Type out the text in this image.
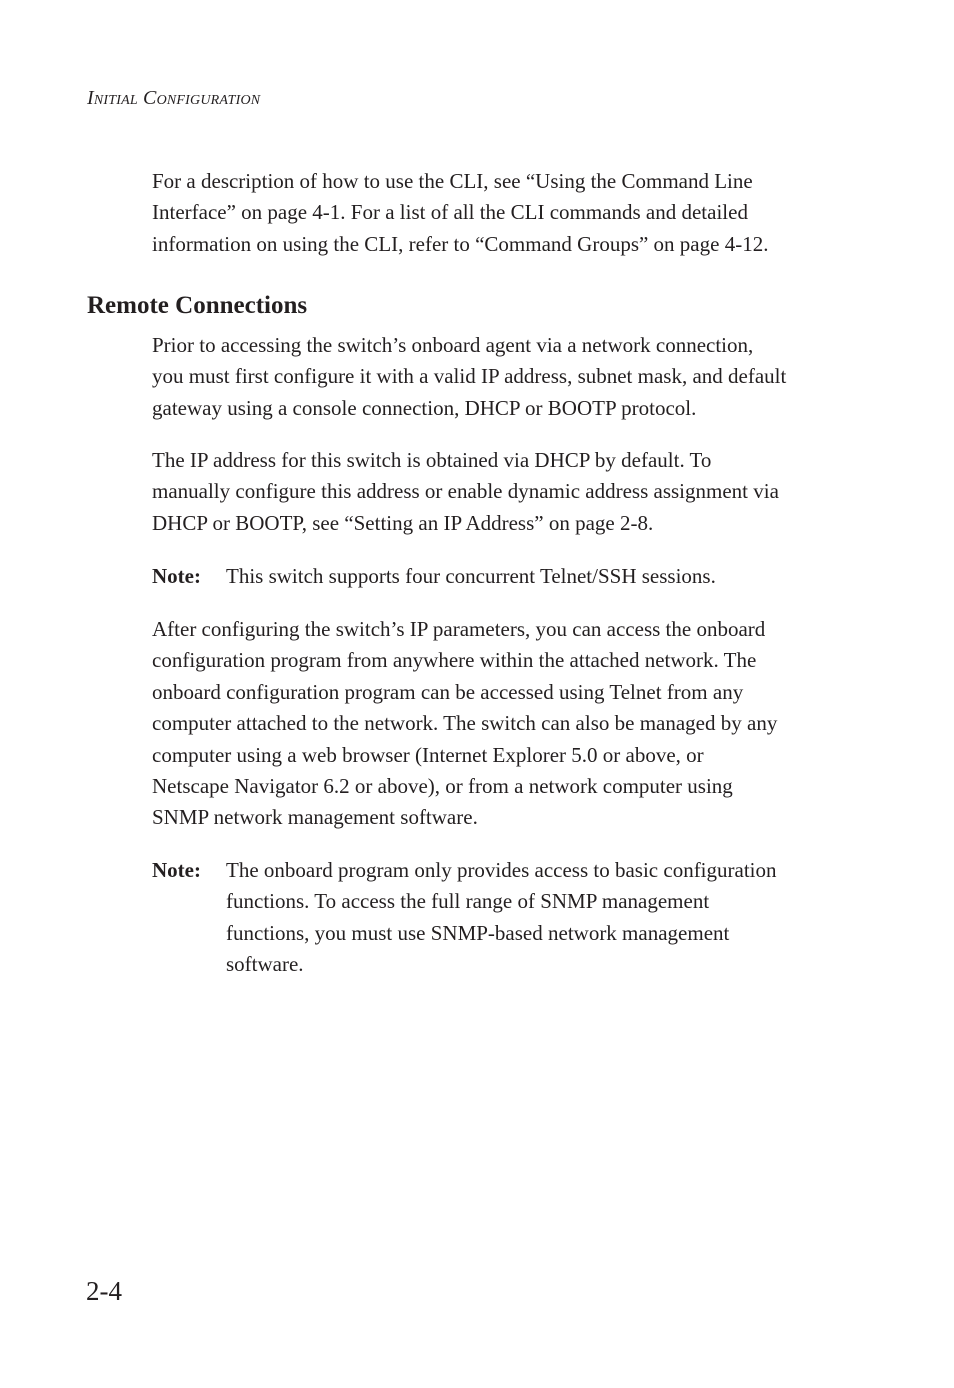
Initial Configuration

For a description of how to use the CLI, see “Using the Command Line
Interface” on page 4-1. For a list of all the CLI commands and detailed
information on using the CLI, refer to “Command Groups” on page 4-12.

Remote Connections

Prior to accessing the switch’s onboard agent via a network connection,
you must first configure it with a valid IP address, subnet mask, and default
gateway using a console connection, DHCP or BOOTP protocol.

The IP address for this switch is obtained via DHCP by default. To
manually configure this address or enable dynamic address assignment via
DHCP or BOOTP, see “Setting an IP Address” on page 2-8.

Note: This switch supports four concurrent Telnet/SSH sessions.

After configuring the switch’s IP parameters, you can access the onboard
configuration program from anywhere within the attached network. The
onboard configuration program can be accessed using Telnet from any
computer attached to the network. The switch can also be managed by any
computer using a web browser (Internet Explorer 5.0 or above, or
Netscape Navigator 6.2 or above), or from a network computer using
SNMP network management software.

Note: The onboard program only provides access to basic configuration
functions. To access the full range of SNMP management
functions, you must use SNMP-based network management
software.
2-4
